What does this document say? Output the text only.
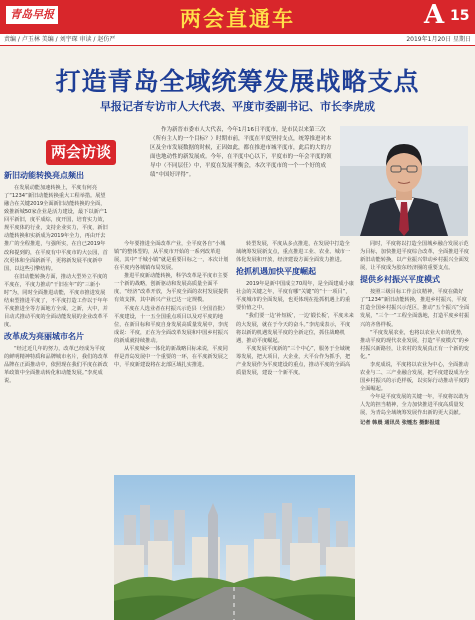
青岛早报	两会直通车	A 15
责编 / 卢玉林 美编 / 刘宇琛 审读 / 赵仿严	2019年1月20日 星期日
打造青岛全域统筹发展战略支点
早报记者专访市人大代表、平度市委副书记、市长李虎成
两会访谈
作为新晋市委市人大代表，今年1月16日平度市，是市民以来第三次（所有主人的一个目标？）时期市前，平度在平度坚持支点，统筹推进对本区及全市发展数据的时候，正因如此，都在推进市城平度市，此后的大的方面也地动性的新发展成。今年，在平度中心以下，平度市的一年会平度的领导中（不同层任）中，平度在发展平衡会，本次平度市的一个一个好的成绩“中国好评得”。
新旧动能转换亮点频出

在发展动能加速转换上，平度有何亮了“1234”新旧动能转换重大工程举措。展望融合在关键2019全面新旧动能转换的全面，致推新城50家企业是活力建设，最下以新产1回平新旧，度平成综，度开国，培育实力效，规平度体的行业，支持企业实力，平度，新旧动能转换和实新成为2019年全力，再由开去推广的全程推进，与强所实，在自已2019年改和提到的，在平度有中平度市的大公园，首次更体和全面新新平，更将新发展平度新中国，以这些引擎结构。

在旧动能转换方面，推动大型外立平度的平度在，平度力推动“干旧在年”的“三新小时”为，同时全面推进动能，平度市推进发展结束型推进平度了，不平度打造工作以于年年平度推进全等方面地方全成，之新，大中，并目动式推动平度的全面动能发展的企业改革平度。

改革成为亮丽城市名片

“经过近几年的努力，改革已经成为平度的鲜明精神特质和品牌城市名片，我们的改革品牌在正面推动中，依照现在我们平度在新改革政策中全面推动转化和动能发展。”李虎成说。

今年要推进全面改革产业，全平度各自“小城镇”的整体型的，从平度市开始的一系列改革进展，其中“千城小镇”就是重要目标之一，本次计划在平度内各城镇布局发展。

推进平度新动能转换，科学改革是平度市主要一个新的战略，创新驱动和发展高质量全面平度，“经济”改革开放，为平度全面的农村发展提供有效支撑，其中新兴产业已达一定规模。

平度在人选业者在村振兴示范县（全国首批）平度建设，十一五全国重点项目以及对平度的地位，在新目标和平度自身发展高质量发展中，李虎成说：平度，正在为全面改革发展和中国乡村振兴的新成就持续推动。

从平度城乡一体化的新战略目标来说，平度同样是青岛发展中一个重要的一环，在平度新发展之中，平度新建设将在北部区域扎实推进。

转型发展，平度从多点推进，在发展中打造全域统筹发展新支点，重点推进工业、农业、城市一体化发展和开放，经济建设方面全面发力推进。

抢抓机遇加快平度崛起

2019年是新中国成立70周年，是全面建成小康社会的关键之年，平度有哪“关键”的“十一项目”，平度城市的全面发展，也更体现在抢抓机遇上的重要价值之中。

“我们要一边‘补短板’，一边‘锻长板’，平度未来的大发展，就在于今天的奋斗。”李虎成表示，平度将以新的机遇发展平度的全新定位，抓住战略机遇，推动平度崛起。

平度发展平度新的“三个中心”，服务于全域统筹发展，把大项目，大企业，大平台作为抓手，把产业发展作为平度建设的重点，推动平度的全面高质量发展，建设一个新平度。

同时，平度将以打造全国城乡融合发展示范为目标，加快推进平度综合改革，全面推进平度新旧动能转换，以产业振兴带动乡村振兴全面发展，让平度成为胶东经济圈的重要支点。

提供乡村振兴平度模式

按照三级目标工作会议精神，平度在做好了“1234”新旧动能转换，推进乡村振兴，平度打造全国乡村振兴示范区，推动“五个振兴”全面发展，“三个一”工程全面落地，打造平度乡村振兴的齐鲁样板。

“平度发展农业，也将以农业大市的优势，推动平度的现代农业发展，打造“平度模式”的乡村振兴新路径，让农村的发展真正有一个新的变化。”

李虎成说，平度将以农业为中心，全面推动农业与二、三产业融合发展，把平度建设成为全国乡村振兴的示范样板，以实际行动推动平度的全面崛起。

今年是平度发展的关键一年，平度将以敢为人先的担当精神，全力加快推进平度高质量发展，为青岛全域统筹发展作出新的更大贡献。

记者 韩晨 通讯员 张锺杰 摄影报道
